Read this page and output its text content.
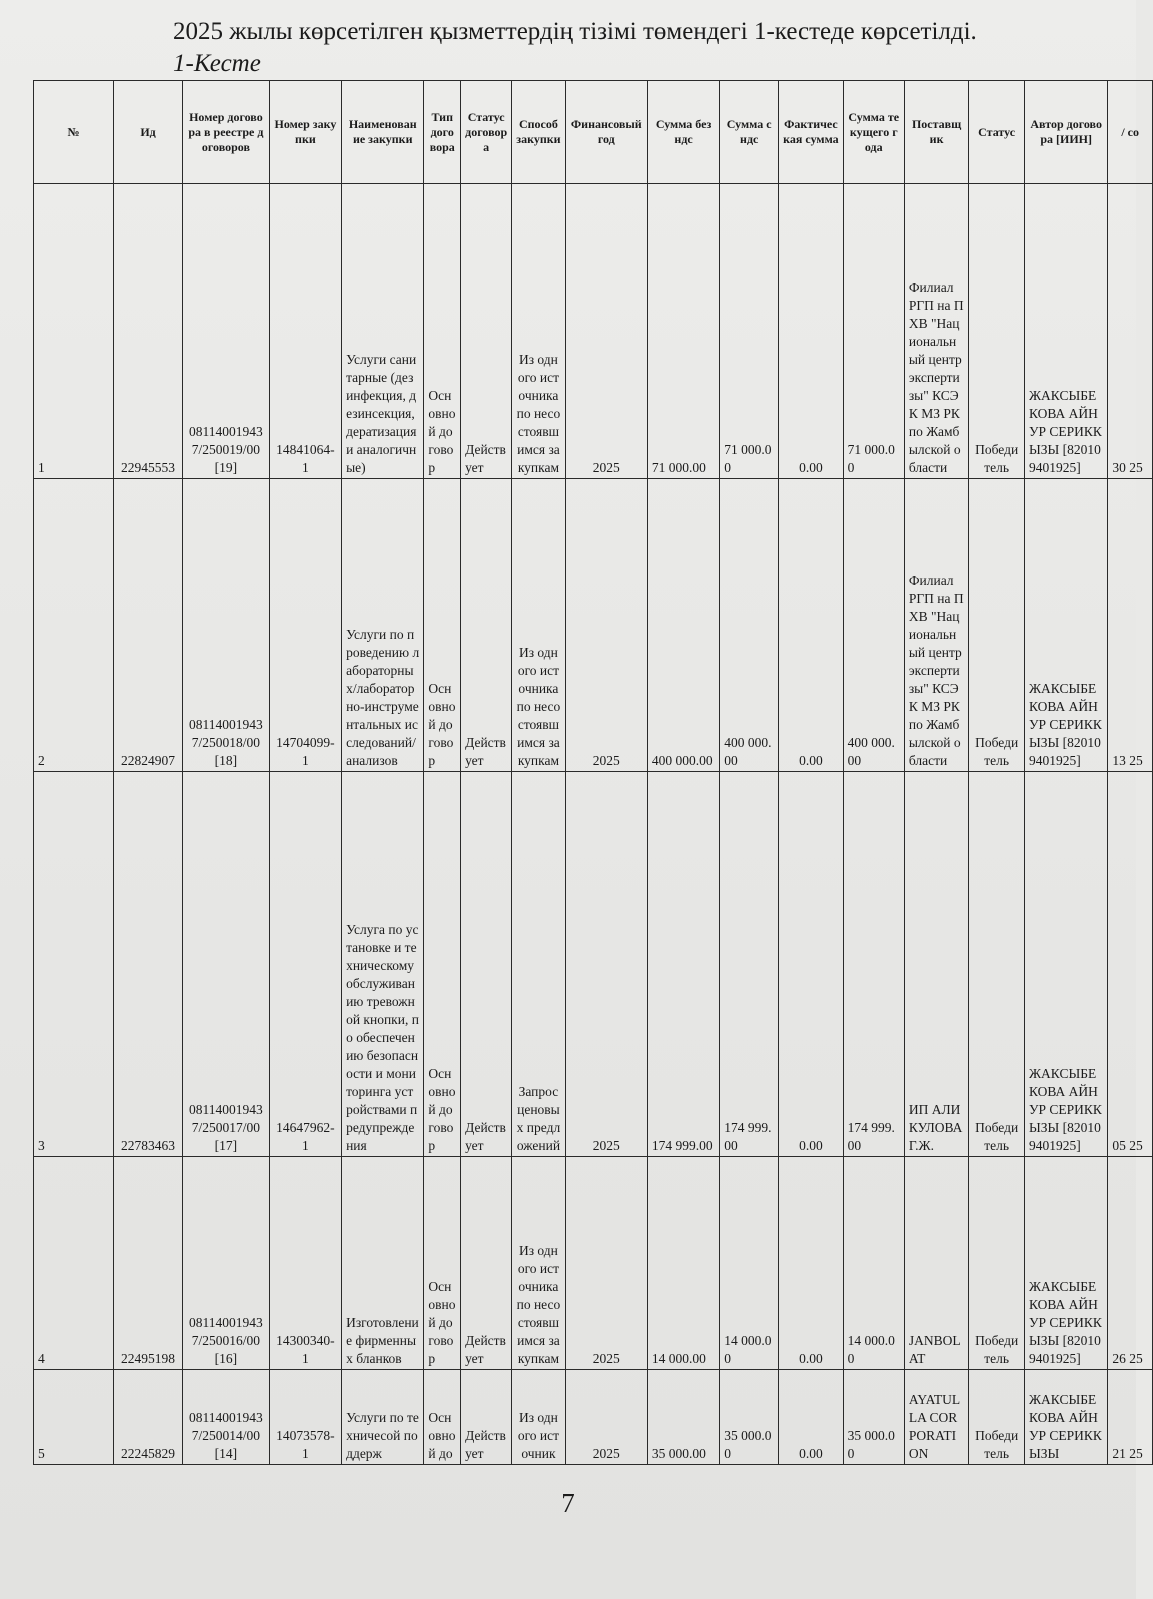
2025 жылы көрсетілген қызметтердің тізімі төмендегі 1-кестеде көрсетілді.
1-Кесте
№	Ид	Номер договора в реестре договоров	Номер закупки	Наименование закупки	Тип договора	Статус договора	Способ закупки	Финансовый год	Сумма без ндс	Сумма с ндс	Фактическая сумма	Сумма текущего года	Поставщик	Статус	Автор договора [ИИН]	/ со
1	22945553	081140019437/250019/00 [19]	14841064-1	Услуги санитарные (дезинфекция, дезинсекция, дератизация и аналогичные)	Основной договор	Действует	Из одного источника по несостоявшимся закупкам	2025	71 000.00	71 000.00	0.00	71 000.00	Филиал РГП на ПХВ "Национальный центр экспертизы" КСЭК МЗ РК по Жамбылской области	Победитель	ЖАКСЫБЕКОВА АЙНУР СЕРИККЫЗЫ [820109401925]	30 25
2	22824907	081140019437/250018/00 [18]	14704099-1	Услуги по проведению лабораторных/лабораторно-инструментальных исследований/анализов	Основной договор	Действует	Из одного источника по несостоявшимся закупкам	2025	400 000.00	400 000.00	0.00	400 000.00	Филиал РГП на ПХВ "Национальный центр экспертизы" КСЭК МЗ РК по Жамбылской области	Победитель	ЖАКСЫБЕКОВА АЙНУР СЕРИККЫЗЫ [820109401925]	13 25
3	22783463	081140019437/250017/00 [17]	14647962-1	Услуга по установке и техническому обслуживанию тревожной кнопки, по обеспечению безопасности и мониторинга устройствами предупреждения	Основной договор	Действует	Запрос ценовых предложений	2025	174 999.00	174 999.00	0.00	174 999.00	ИП АЛИКУЛОВА Г.Ж.	Победитель	ЖАКСЫБЕКОВА АЙНУР СЕРИККЫЗЫ [820109401925]	05 25
4	22495198	081140019437/250016/00 [16]	14300340-1	Изготовление фирменных бланков	Основной договор	Действует	Из одного источника по несостоявшимся закупкам	2025	14 000.00	14 000.00	0.00	14 000.00	JANBOLAT	Победитель	ЖАКСЫБЕКОВА АЙНУР СЕРИККЫЗЫ [820109401925]	26 25
5	22245829	081140019437/250014/00 [14]	14073578-1	Услуги по техничесой поддерж	Основной до	Действует	Из одного источник	2025	35 000.00	35 000.00	0.00	35 000.00	AYATULLA CORPORATION	Победитель	ЖАКСЫБЕКОВА АЙНУР СЕРИККЫЗЫ	21 25
7
